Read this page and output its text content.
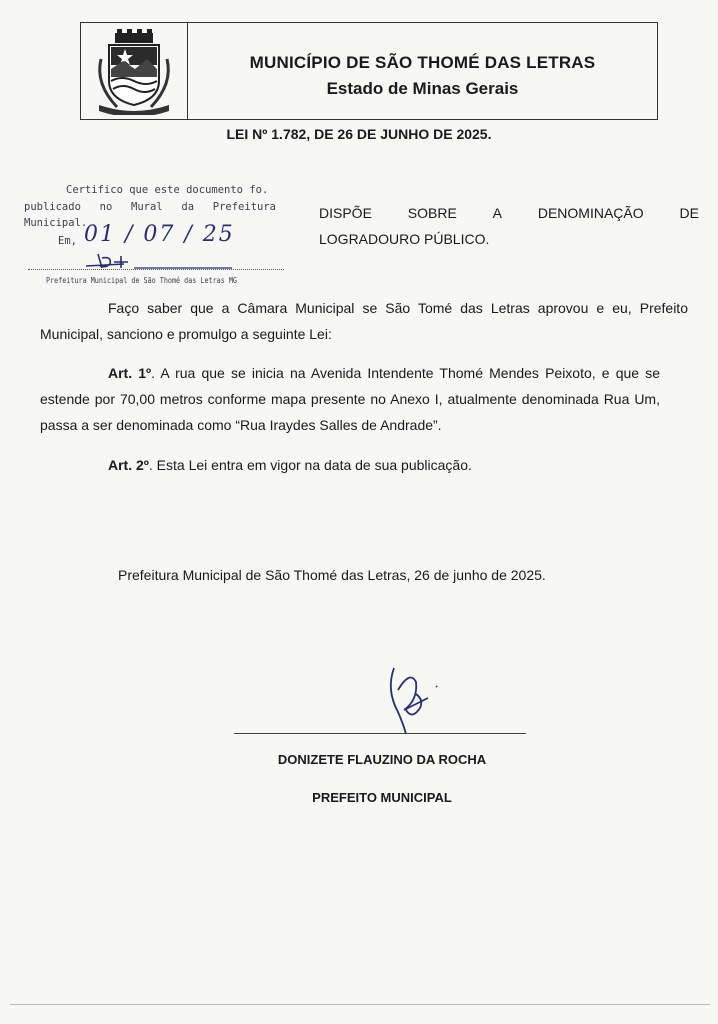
MUNICÍPIO DE SÃO THOMÉ DAS LETRAS
Estado de Minas Gerais
LEI Nº 1.782, DE 26 DE JUNHO DE 2025.
Certifico que este documento fo.
publicado no Mural da Prefeitura
Municipal.
Em, 01 / 07 / 25
Prefeitura Municipal de São Thomé das Letras MG
DISPÕE	SOBRE	A	DENOMINAÇÃO	DE
LOGRADOURO PÚBLICO.
Faço saber que a Câmara Municipal se São Tomé das Letras aprovou e eu, Prefeito Municipal, sanciono e promulgo a seguinte Lei:
Art. 1º. A rua que se inicia na Avenida Intendente Thomé Mendes Peixoto, e que se estende por 70,00 metros conforme mapa presente no Anexo I, atualmente denominada Rua Um, passa a ser denominada como “Rua Iraydes Salles de Andrade”.
Art. 2º. Esta Lei entra em vigor na data de sua publicação.
Prefeitura Municipal de São Thomé das Letras, 26 de junho de 2025.
DONIZETE FLAUZINO DA ROCHA
PREFEITO MUNICIPAL
